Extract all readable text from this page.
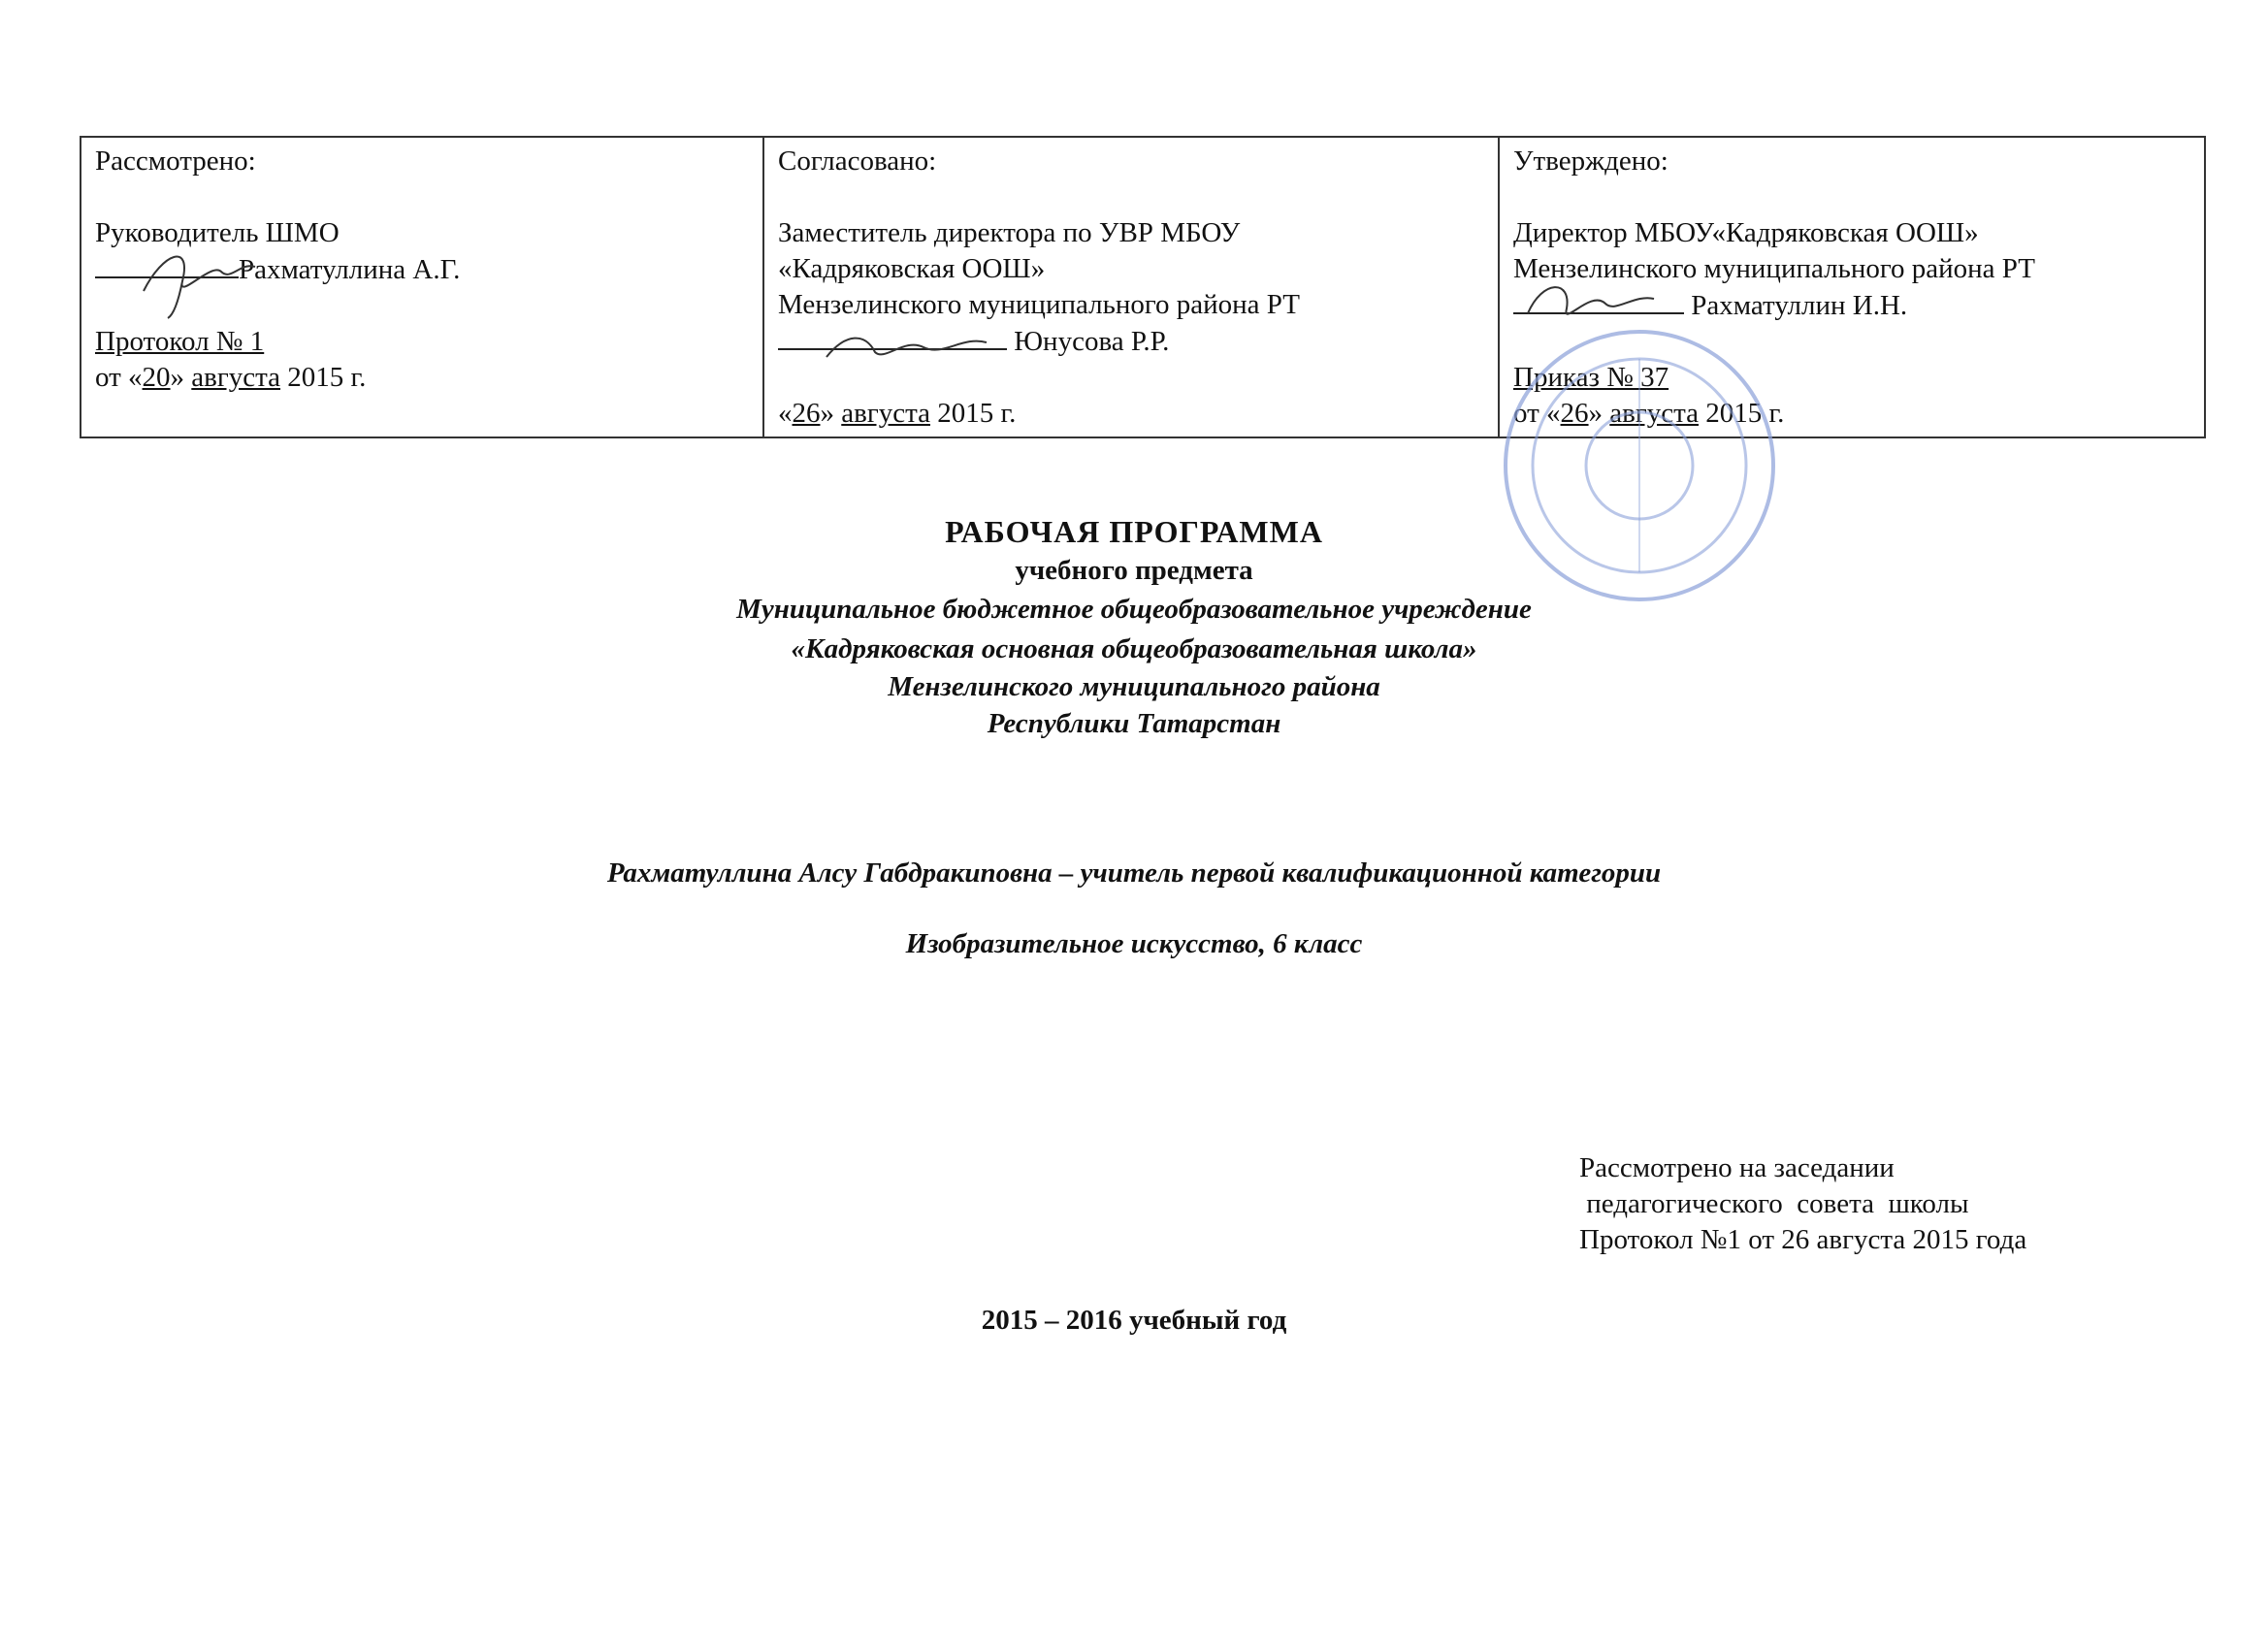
Рассмотрено:
Руководитель ШМО
Рахматуллина А.Г.
Протокол № 1
от «20» августа 2015 г.

Согласовано:
Заместитель директора по УВР МБОУ
«Кадряковская ООШ»
Мензелинского муниципального района РТ
Юнусова Р.Р.
«26» августа 2015 г.

Утверждено:
Директор МБОУ«Кадряковская ООШ»
Мензелинского муниципального района РТ
Рахматуллин И.Н.
Приказ № 37
от «26» августа 2015 г.
РАБОЧАЯ ПРОГРАММА
учебного предмета
Муниципальное бюджетное общеобразовательное учреждение
«Кадряковская основная общеобразовательная школа»
Мензелинского муниципального района
Республики Татарстан
Рахматуллина Алсу Габдракиповна – учитель первой квалификационной категории
Изобразительное искусство, 6 класс
Рассмотрено на заседании
педагогического  совета  школы
Протокол №1 от 26 августа 2015 года
2015 – 2016 учебный год
